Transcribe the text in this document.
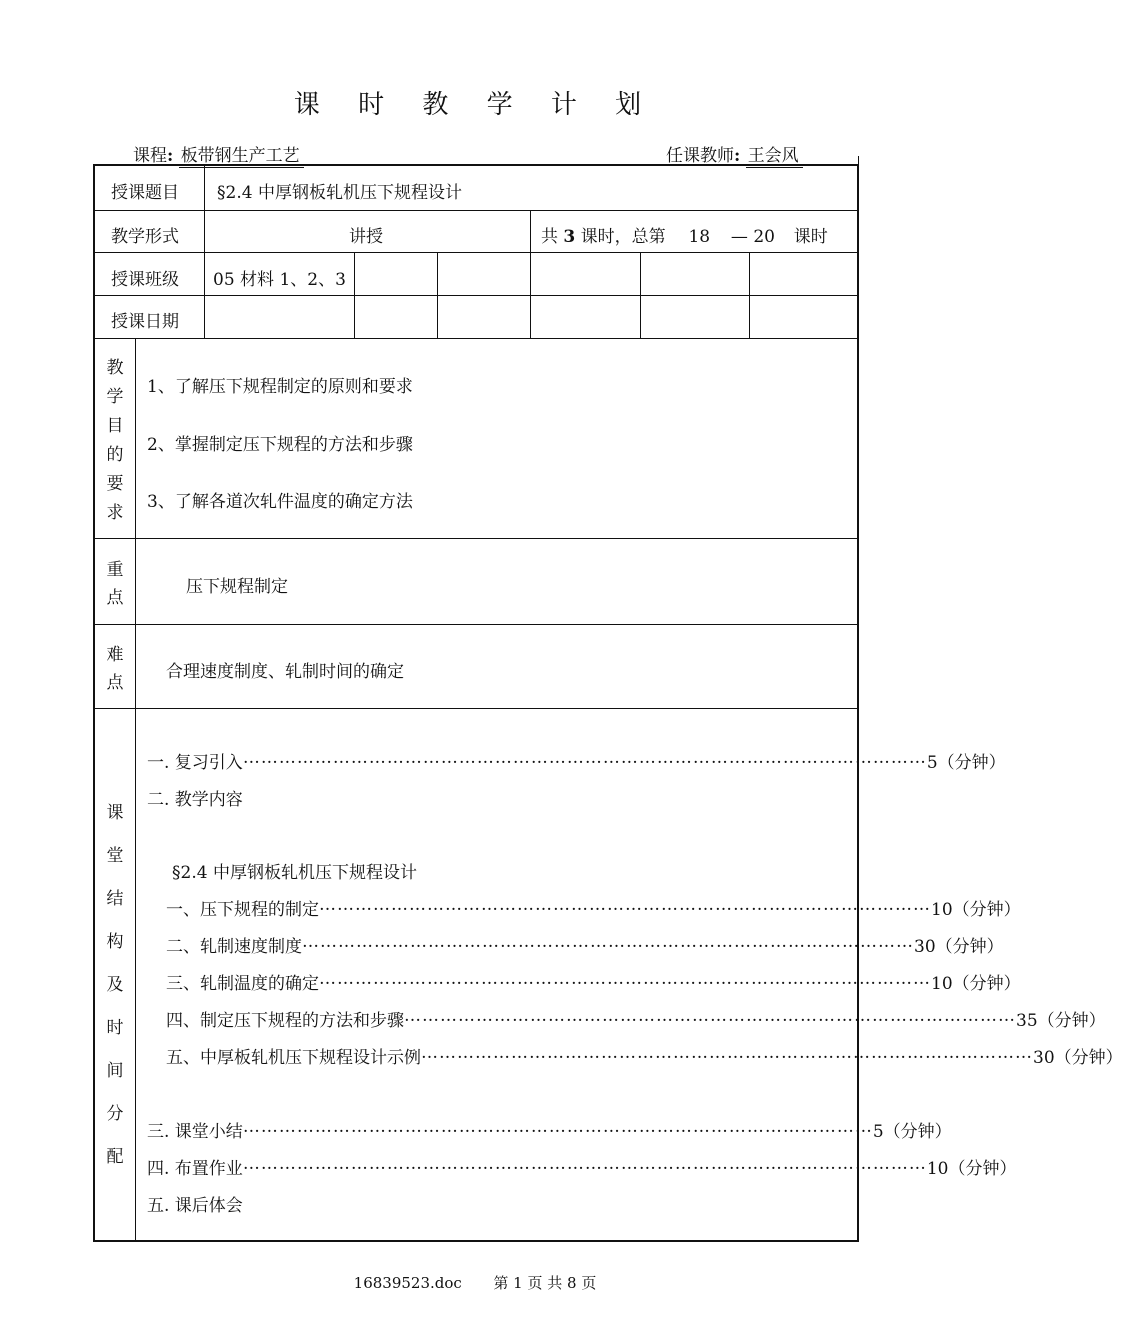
课 时 教 学 计 划
课程: 板带钢生产工艺	任课教师: 王会风
授课题目 §2.4 中厚钢板轧机压下规程设计
教学形式	讲授	共 3 课时，总第 18 — 20 课时
授课班级 05 材料 1、2、3
授课日期
教
学
目
的
要
求
1、了解压下规程制定的原则和要求
2、掌握制定压下规程的方法和步骤
3、了解各道次轧件温度的确定方法
重
点
压下规程制定
难
点
合理速度制度、轧制时间的确定
课
堂
结
构
及
时
间
分
配
一. 复习引入 …………………………………………………………………………………………………… 5（分钟）
二. 教学内容
§2.4 中厚钢板轧机压下规程设计
一、压下规程的制定 ………………………………………………………………………………………… 10（分钟）
二、轧制速度制度 ………………………………………………………………………………………… 30（分钟）
三、轧制温度的确定 ………………………………………………………………………………………… 10（分钟）
四、制定压下规程的方法和步骤 ………………………………………………………………………………………… 35（分钟）
五、中厚板轧机压下规程设计示例 ………………………………………………………………………………………… 30（分钟）
三. 课堂小结 …………………………………………………………………………………………… 5（分钟）
四. 布置作业 …………………………………………………………………………………………………… 10（分钟）
五. 课后体会
16839523.doc 第 1 页 共 8 页
